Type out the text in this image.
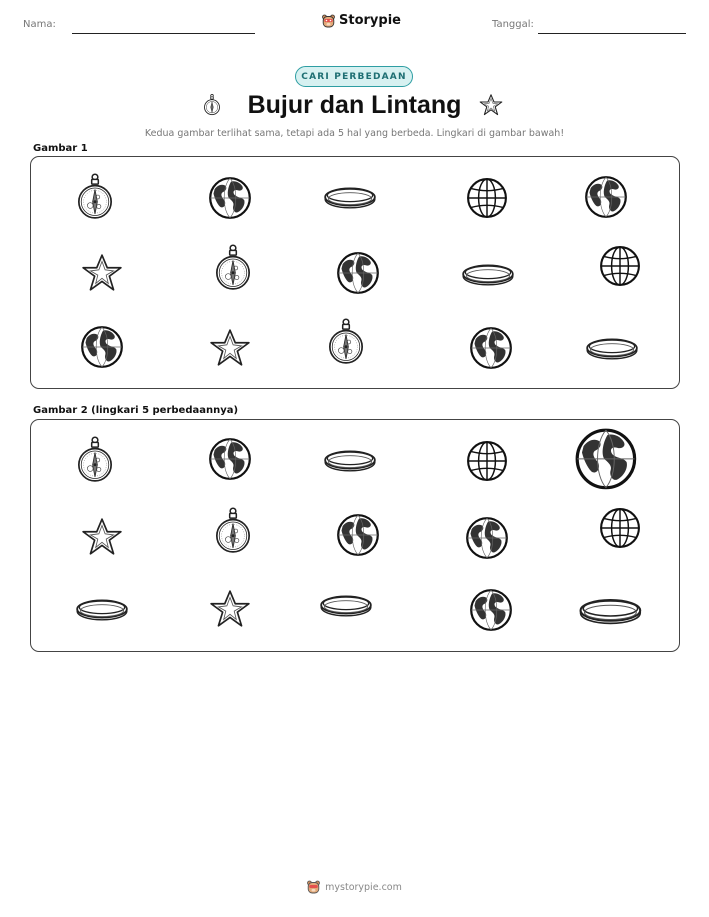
Nama:	Storypie	Tanggal:
CARI PERBEDAAN
Bujur dan Lintang
Kedua gambar terlihat sama, tetapi ada 5 hal yang berbeda. Lingkari di gambar bawah!
Gambar 1
Gambar 2 (lingkari 5 perbedaannya)
mystorypie.com
